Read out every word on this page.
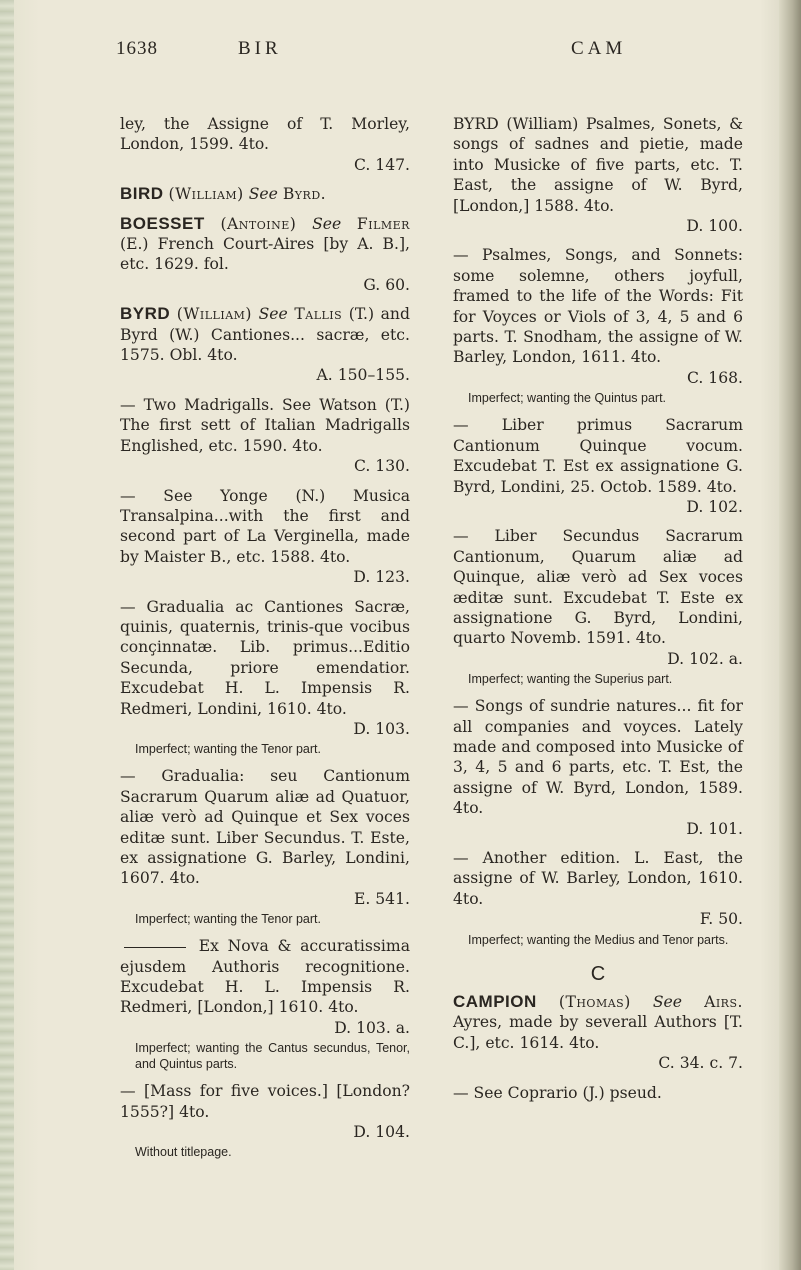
1638	BIR	CAM
ley, the Assigne of T. Morley, London, 1599. 4to.
C. 147.
BIRD (William) See Byrd.
BOESSET (Antoine) See Filmer (E.) French Court-Aires [by A. B.], etc. 1629. fol.
G. 60.
BYRD (William) See Tallis (T.) and Byrd (W.) Cantiones... sacræ, etc. 1575. Obl. 4to.
A. 150–155.
— Two Madrigalls. See Watson (T.) The first sett of Italian Madrigalls Englished, etc. 1590. 4to.
C. 130.
— See Yonge (N.) Musica Transalpina...with the first and second part of La Verginella, made by Maister B., etc. 1588. 4to.
D. 123.
— Gradualia ac Cantiones Sacræ, quinis, quaternis, trinis-que vocibus conçinnatæ. Lib. primus...Editio Secunda, priore emendatior. Excudebat H. L. Impensis R. Redmeri, Londini, 1610. 4to.
D. 103.
Imperfect; wanting the Tenor part.
— Gradualia: seu Cantionum Sacrarum Quarum aliæ ad Quatuor, aliæ verò ad Quinque et Sex voces editæ sunt. Liber Secundus. T. Este, ex assignatione G. Barley, Londini, 1607. 4to.
E. 541.
Imperfect; wanting the Tenor part.
Ex Nova & accuratissima ejusdem Authoris recognitione. Excudebat H. L. Impensis R. Redmeri, [London,] 1610. 4to.
D. 103. a.
Imperfect; wanting the Cantus secundus, Tenor, and Quintus parts.
— [Mass for five voices.] [London? 1555?] 4to.
D. 104.
Without titlepage.
BYRD (William) Psalmes, Sonets, & songs of sadnes and pietie, made into Musicke of five parts, etc. T. East, the assigne of W. Byrd, [London,] 1588. 4to.
D. 100.
— Psalmes, Songs, and Sonnets: some solemne, others joyfull, framed to the life of the Words: Fit for Voyces or Viols of 3, 4, 5 and 6 parts. T. Snodham, the assigne of W. Barley, London, 1611. 4to.
C. 168.
Imperfect; wanting the Quintus part.
— Liber primus Sacrarum Cantionum Quinque vocum. Excudebat T. Est ex assignatione G. Byrd, Londini, 25. Octob. 1589. 4to.
D. 102.
— Liber Secundus Sacrarum Cantionum, Quarum aliæ ad Quinque, aliæ verò ad Sex voces æditæ sunt. Excudebat T. Este ex assignatione G. Byrd, Londini, quarto Novemb. 1591. 4to.
D. 102. a.
Imperfect; wanting the Superius part.
— Songs of sundrie natures... fit for all companies and voyces. Lately made and composed into Musicke of 3, 4, 5 and 6 parts, etc. T. Est, the assigne of W. Byrd, London, 1589. 4to.
D. 101.
— Another edition. L. East, the assigne of W. Barley, London, 1610. 4to.
F. 50.
Imperfect; wanting the Medius and Tenor parts.
C
CAMPION (Thomas) See Airs. Ayres, made by severall Authors [T. C.], etc. 1614. 4to.
C. 34. c. 7.
— See Coprario (J.) pseud.
